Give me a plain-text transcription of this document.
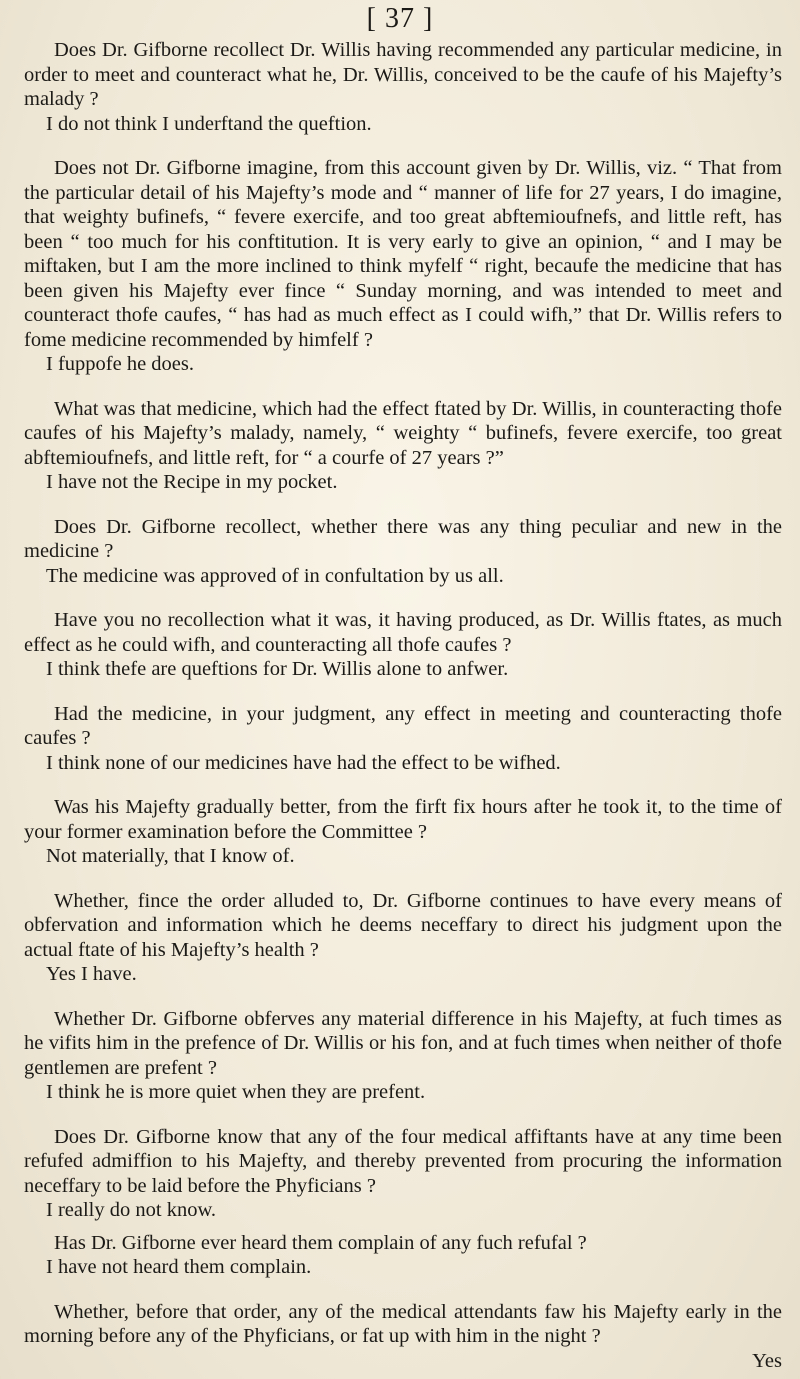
[ 37 ]

Does Dr. Gifborne recollect Dr. Willis having recommended any particular medicine, in order to meet and counteract what he, Dr. Willis, conceived to be the caufe of his Majefty’s malady ?

I do not think I underftand the queftion.

Does not Dr. Gifborne imagine, from this account given by Dr. Willis, viz. “ That from the particular detail of his Majefty’s mode and “ manner of life for 27 years, I do imagine, that weighty bufinefs, “ fevere exercife, and too great abftemioufnefs, and little reft, has been “ too much for his conftitution. It is very early to give an opinion, “ and I may be miftaken, but I am the more inclined to think myfelf “ right, becaufe the medicine that has been given his Majefty ever fince “ Sunday morning, and was intended to meet and counteract thofe caufes, “ has had as much effect as I could wifh,” that Dr. Willis refers to fome medicine recommended by himfelf ?

I fuppofe he does.

What was that medicine, which had the effect ftated by Dr. Willis, in counteracting thofe caufes of his Majefty’s malady, namely, “ weighty “ bufinefs, fevere exercife, too great abftemioufnefs, and little reft, for “ a courfe of 27 years ?”

I have not the Recipe in my pocket.

Does Dr. Gifborne recollect, whether there was any thing peculiar and new in the medicine ?

The medicine was approved of in confultation by us all.

Have you no recollection what it was, it having produced, as Dr. Willis ftates, as much effect as he could wifh, and counteracting all thofe caufes ?

I think thefe are queftions for Dr. Willis alone to anfwer.

Had the medicine, in your judgment, any effect in meeting and counteracting thofe caufes ?

I think none of our medicines have had the effect to be wifhed.

Was his Majefty gradually better, from the firft fix hours after he took it, to the time of your former examination before the Committee ?

Not materially, that I know of.

Whether, fince the order alluded to, Dr. Gifborne continues to have every means of obfervation and information which he deems neceffary to direct his judgment upon the actual ftate of his Majefty’s health ?

Yes I have.

Whether Dr. Gifborne obferves any material difference in his Majefty, at fuch times as he vifits him in the prefence of Dr. Willis or his fon, and at fuch times when neither of thofe gentlemen are prefent ?

I think he is more quiet when they are prefent.

Does Dr. Gifborne know that any of the four medical affiftants have at any time been refufed admiffion to his Majefty, and thereby prevented from procuring the information neceffary to be laid before the Phyficians ?

I really do not know.

Has Dr. Gifborne ever heard them complain of any fuch refufal ?

I have not heard them complain.

Whether, before that order, any of the medical attendants faw his Majefty early in the morning before any of the Phyficians, or fat up with him in the night ?

Yes
